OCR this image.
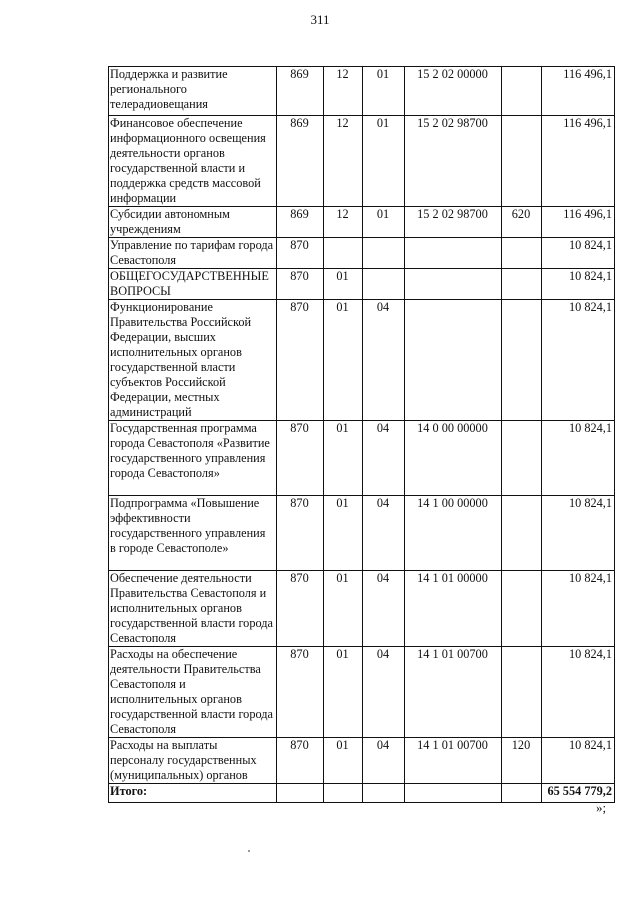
311
Поддержка и развитие регионального телерадиовещания	869	12	01	15 2 02 00000		116 496,1
Финансовое обеспечение информационного освещения деятельности органов государственной власти и поддержка средств массовой информации	869	12	01	15 2 02 98700		116 496,1
Субсидии автономным учреждениям	869	12	01	15 2 02 98700	620	116 496,1
Управление по тарифам города Севастополя	870					10 824,1
ОБЩЕГОСУДАРСТВЕННЫЕ ВОПРОСЫ	870	01				10 824,1
Функционирование Правительства Российской Федерации, высших исполнительных органов государственной власти субъектов Российской Федерации, местных администраций	870	01	04			10 824,1
Государственная программа города Севастополя «Развитие государственного управления города Севастополя»	870	01	04	14 0 00 00000		10 824,1
Подпрограмма «Повышение эффективности государственного управления в городе Севастополе»	870	01	04	14 1 00 00000		10 824,1
Обеспечение деятельности Правительства Севастополя и исполнительных органов государственной власти города Севастополя	870	01	04	14 1 01 00000		10 824,1
Расходы на обеспечение деятельности Правительства Севастополя и исполнительных органов государственной власти города Севастополя	870	01	04	14 1 01 00700		10 824,1
Расходы на выплаты персоналу государственных (муниципальных) органов	870	01	04	14 1 01 00700	120	10 824,1
Итого:						65 554 779,2
»;
